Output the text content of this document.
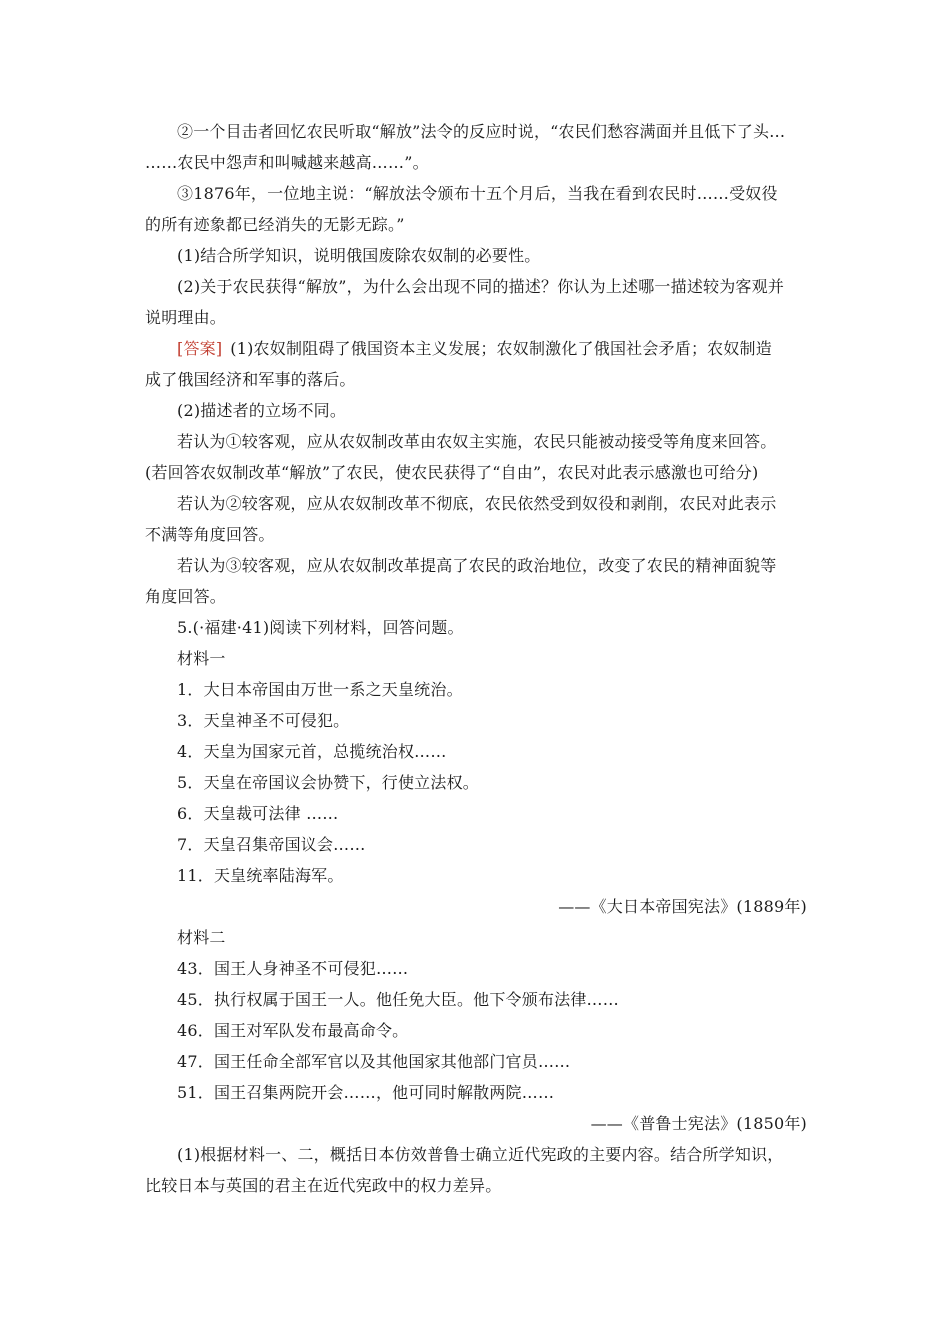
②一个目击者回忆农民听取“解放”法令的反应时说，“农民们愁容满面并且低下了头…
……农民中怨声和叫喊越来越高……”。
③1876年，一位地主说：“解放法令颁布十五个月后，当我在看到农民时……受奴役
的所有迹象都已经消失的无影无踪。”
(1)结合所学知识，说明俄国废除农奴制的必要性。
(2)关于农民获得“解放”，为什么会出现不同的描述？你认为上述哪一描述较为客观并
说明理由。
[答案] (1)农奴制阻碍了俄国资本主义发展；农奴制激化了俄国社会矛盾；农奴制造
成了俄国经济和军事的落后。
(2)描述者的立场不同。
若认为①较客观，应从农奴制改革由农奴主实施，农民只能被动接受等角度来回答。
(若回答农奴制改革“解放”了农民，使农民获得了“自由”，农民对此表示感激也可给分)
若认为②较客观，应从农奴制改革不彻底，农民依然受到奴役和剥削，农民对此表示
不满等角度回答。
若认为③较客观，应从农奴制改革提高了农民的政治地位，改变了农民的精神面貌等
角度回答。
5.(·福建·41)阅读下列材料，回答问题。
材料一
1．大日本帝国由万世一系之天皇统治。
3．天皇神圣不可侵犯。
4．天皇为国家元首，总揽统治权……
5．天皇在帝国议会协赞下，行使立法权。
6．天皇裁可法律 ……
7．天皇召集帝国议会……
11．天皇统率陆海军。
——《大日本帝国宪法》(1889年)
材料二
43．国王人身神圣不可侵犯……
45．执行权属于国王一人。他任免大臣。他下令颁布法律……
46．国王对军队发布最高命令。
47．国王任命全部军官以及其他国家其他部门官员……
51．国王召集两院开会……，他可同时解散两院……
——《普鲁士宪法》(1850年)
(1)根据材料一、二，概括日本仿效普鲁士确立近代宪政的主要内容。结合所学知识，
比较日本与英国的君主在近代宪政中的权力差异。
